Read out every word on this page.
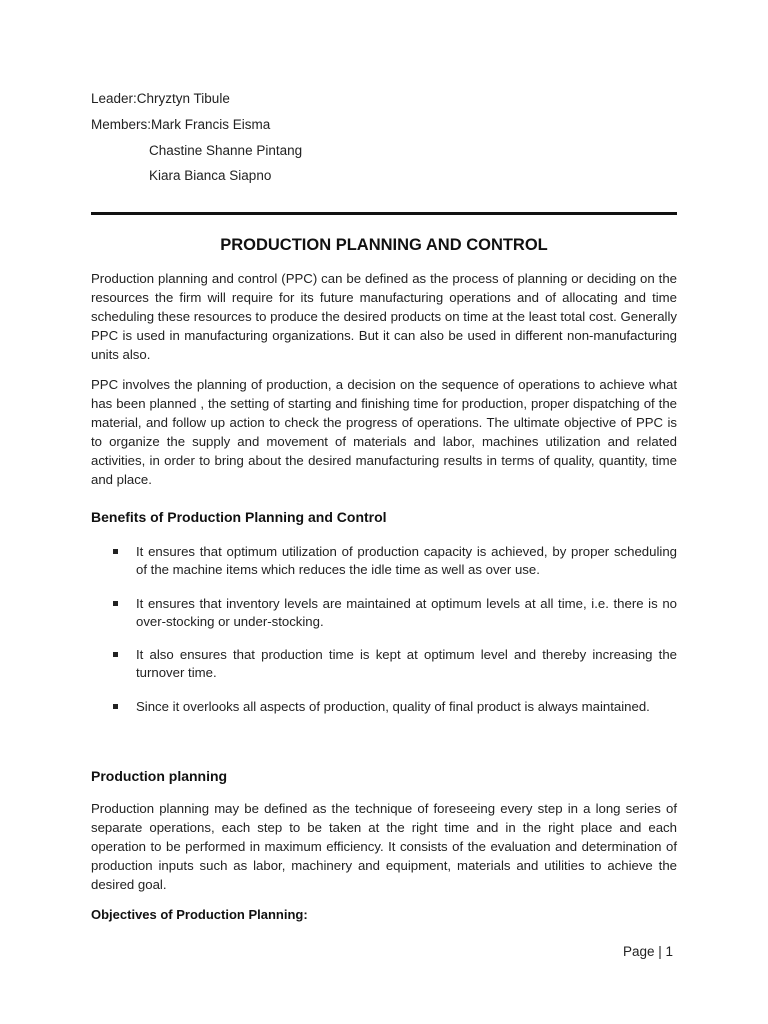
Leader:Chryztyn Tibule
Members:Mark Francis Eisma
Chastine Shanne Pintang
Kiara Bianca Siapno
PRODUCTION PLANNING AND CONTROL

Production planning and control (PPC) can be defined as the process of planning or deciding on the resources the firm will require for its future manufacturing operations and of allocating and time scheduling these resources to produce the desired products on time at the least total cost. Generally PPC is used in manufacturing organizations. But it can also be used in different non-manufacturing units also.

PPC involves the planning of production, a decision on the sequence of operations to achieve what has been planned , the setting of starting and finishing time for production, proper dispatching of the material, and follow up action to check the progress of operations. The ultimate objective of PPC is to organize the supply and movement of materials and labor, machines utilization and related activities, in order to bring about the desired manufacturing results in terms of quality, quantity, time and place.

Benefits of Production Planning and Control
It ensures that optimum utilization of production capacity is achieved, by proper scheduling of the machine items which reduces the idle time as well as over use.
It ensures that inventory levels are maintained at optimum levels at all time, i.e. there is no over-stocking or under-stocking.
It also ensures that production time is kept at optimum level and thereby increasing the turnover time.
Since it overlooks all aspects of production, quality of final product is always maintained.
Production planning

Production planning may be defined as the technique of foreseeing every step in a long series of separate operations, each step to be taken at the right time and in the right place and each operation to be performed in maximum efficiency. It consists of the evaluation and determination of production inputs such as labor, machinery and equipment, materials and utilities to achieve the desired goal.

Objectives of Production Planning:
Page | 1
